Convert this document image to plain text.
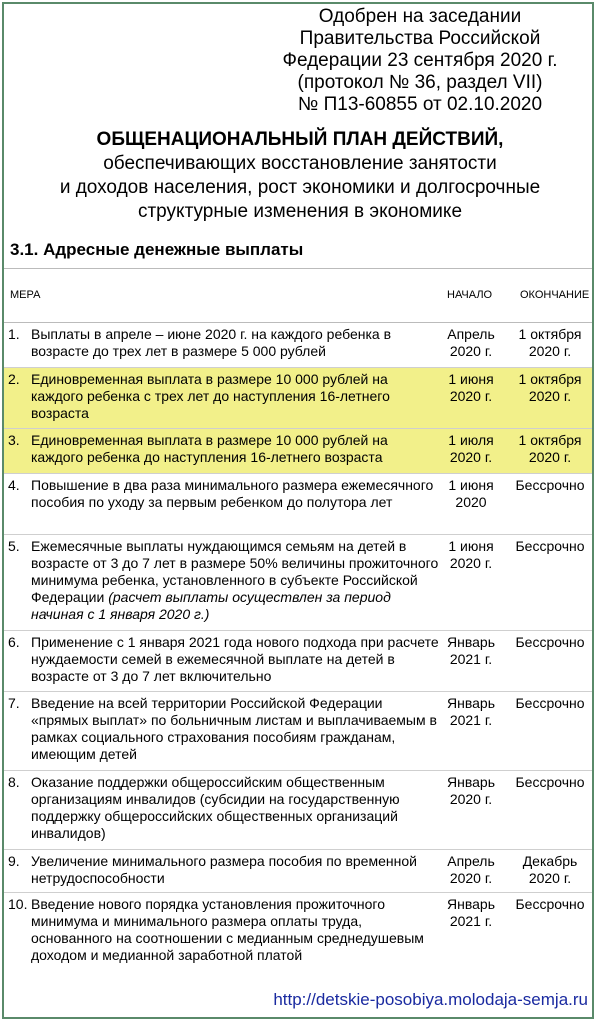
Одобрен на заседании
Правительства Российской
Федерации 23 сентября 2020 г.
(протокол № 36, раздел VII)
№ П13-60855 от 02.10.2020
ОБЩЕНАЦИОНАЛЬНЫЙ ПЛАН ДЕЙСТВИЙ,
обеспечивающих восстановление занятости
и доходов населения, рост экономики и долгосрочные
структурные изменения в экономике
3.1. Адресные денежные выплаты
МЕРА	НАЧАЛО	ОКОНЧАНИЕ
1. Выплаты в апреле – июне 2020 г. на каждого ребенка в возрасте до трех лет в размере 5 000 рублей
Апрель 2020 г.
1 октября 2020 г.
2. Единовременная выплата в размере 10 000 рублей на каждого ребенка с трех лет до наступления 16-летнего возраста
1 июня 2020 г.
1 октября 2020 г.
3. Единовременная выплата в размере 10 000 рублей на каждого ребенка до наступления 16-летнего возраста
1 июля 2020 г.
1 октября 2020 г.
4. Повышение в два раза минимального размера ежемесячного пособия по уходу за первым ребенком до полутора лет
1 июня 2020
Бессрочно
5. Ежемесячные выплаты нуждающимся семьям на детей в возрасте от 3 до 7 лет в размере 50% величины прожиточного минимума ребенка, установленного в субъекте Российской Федерации (расчет выплаты осуществлен за период начиная с 1 января 2020 г.)
1 июня 2020 г.
Бессрочно
6. Применение с 1 января 2021 года нового подхода при расчете нуждаемости семей в ежемесячной выплате на детей в возрасте от 3 до 7 лет включительно
Январь 2021 г.
Бессрочно
7. Введение на всей территории Российской Федерации «прямых выплат» по больничным листам и выплачиваемым в рамках социального страхования пособиям гражданам, имеющим детей
Январь 2021 г.
Бессрочно
8. Оказание поддержки общероссийским общественным организациям инвалидов (субсидии на государственную поддержку общероссийских общественных организаций инвалидов)
Январь 2020 г.
Бессрочно
9. Увеличение минимального размера пособия по временной нетрудоспособности
Апрель 2020 г.
Декабрь 2020 г.
10. Введение нового порядка установления прожиточного минимума и минимального размера оплаты труда, основанного на соотношении с медианным среднедушевым доходом и медианной заработной платой
Январь 2021 г.
Бессрочно
http://detskie-posobiya.molodaja-semja.ru
